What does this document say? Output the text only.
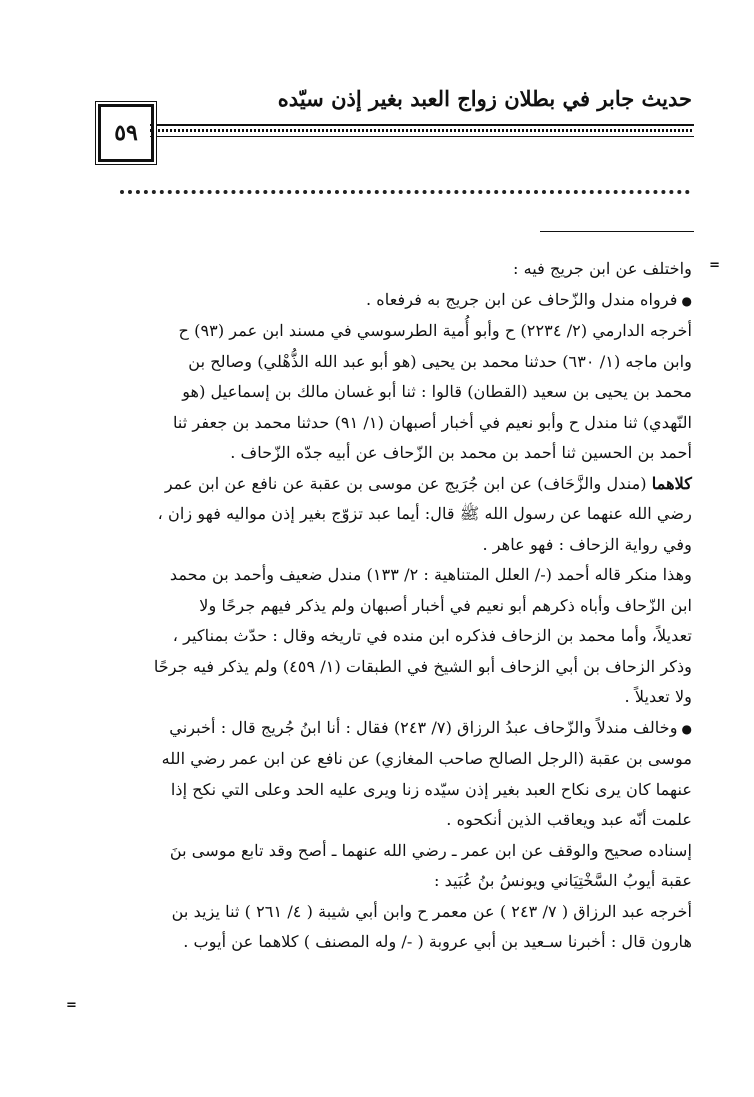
حديث جابر في بطلان زواج العبد بغير إذن سيّده
٥٩
=
=

واختلف عن ابن جريج فيه :

●فرواه مندل والزّحاف عن ابن جريج به فرفعاه .

أخرجه الدارمي (٢/ ٢٢٣٤) ح وأبو أُمية الطرسوسي في مسند ابن عمر (٩٣) ح

وابن ماجه (١/ ٦٣٠) حدثنا محمد بن يحيى (هو أبو عبد الله الذُّهْلي) وصالح بن

محمد بن يحيى بن سعيد (القطان) قالوا : ثنا أبو غسان مالك بن إسماعيل (هو

النّهدي) ثنا مندل ح وأبو نعيم في أخبار أصبهان (١/ ٩١) حدثنا محمد بن جعفر ثنا

أحمد بن الحسين ثنا أحمد بن محمد بن الزّحاف عن أبيه جدّه الزّحاف .

كلاهما (مندل والزَّحَاف) عن ابن جُرَيج عن موسى بن عقبة عن نافع عن ابن عمر

رضي الله عنهما عن رسول الله ﷺ قال: أيما عبد تزوّج بغير إذن مواليه فهو زان ،

وفي رواية الزحاف : فهو عاهر .

وهذا منكر قاله أحمد (-/ العلل المتناهية : ٢/ ١٣٣) مندل ضعيف وأحمد بن محمد

ابن الزّحاف وأباه ذكرهم أبو نعيم في أخبار أصبهان ولم يذكر فيهم جرحًا ولا

تعديلاً، وأما محمد بن الزحاف فذكره ابن منده في تاريخه وقال : حدّث بمناكير ،

وذكر الزحاف بن أبي الزحاف أبو الشيخ في الطبقات (١/ ٤٥٩) ولم يذكر فيه جرحًا

ولا تعديلاً .

●وخالف مندلاً والزّحاف عبدُ الرزاق (٧/ ٢٤٣) فقال : أنا ابنُ جُريج قال : أخبرني

موسى بن عقبة (الرجل الصالح صاحب المغازي) عن نافع عن ابن عمر رضي الله

عنهما كان يرى نكاح العبد بغير إذن سيّده زنا ويرى عليه الحد وعلى التي نكح إذا

علمت أنّه عبد ويعاقب الذين أنكحوه .

إسناده صحيح والوقف عن ابن عمر ـ رضي الله عنهما ـ أصح وقد تابع موسى بنَ

عقبة أيوبُ السَّخْتِيَاني ويونسُ بنُ عُبَيد :

أخرجه عبد الرزاق ( ٧/ ٢٤٣ ) عن معمر ح وابن أبي شيبة ( ٤/ ٢٦١ ) ثنا يزيد بن

هارون قال : أخبرنا سـعيد بن أبي عروبة ( -/ وله المصنف ) كلاهما عن أيوب .
